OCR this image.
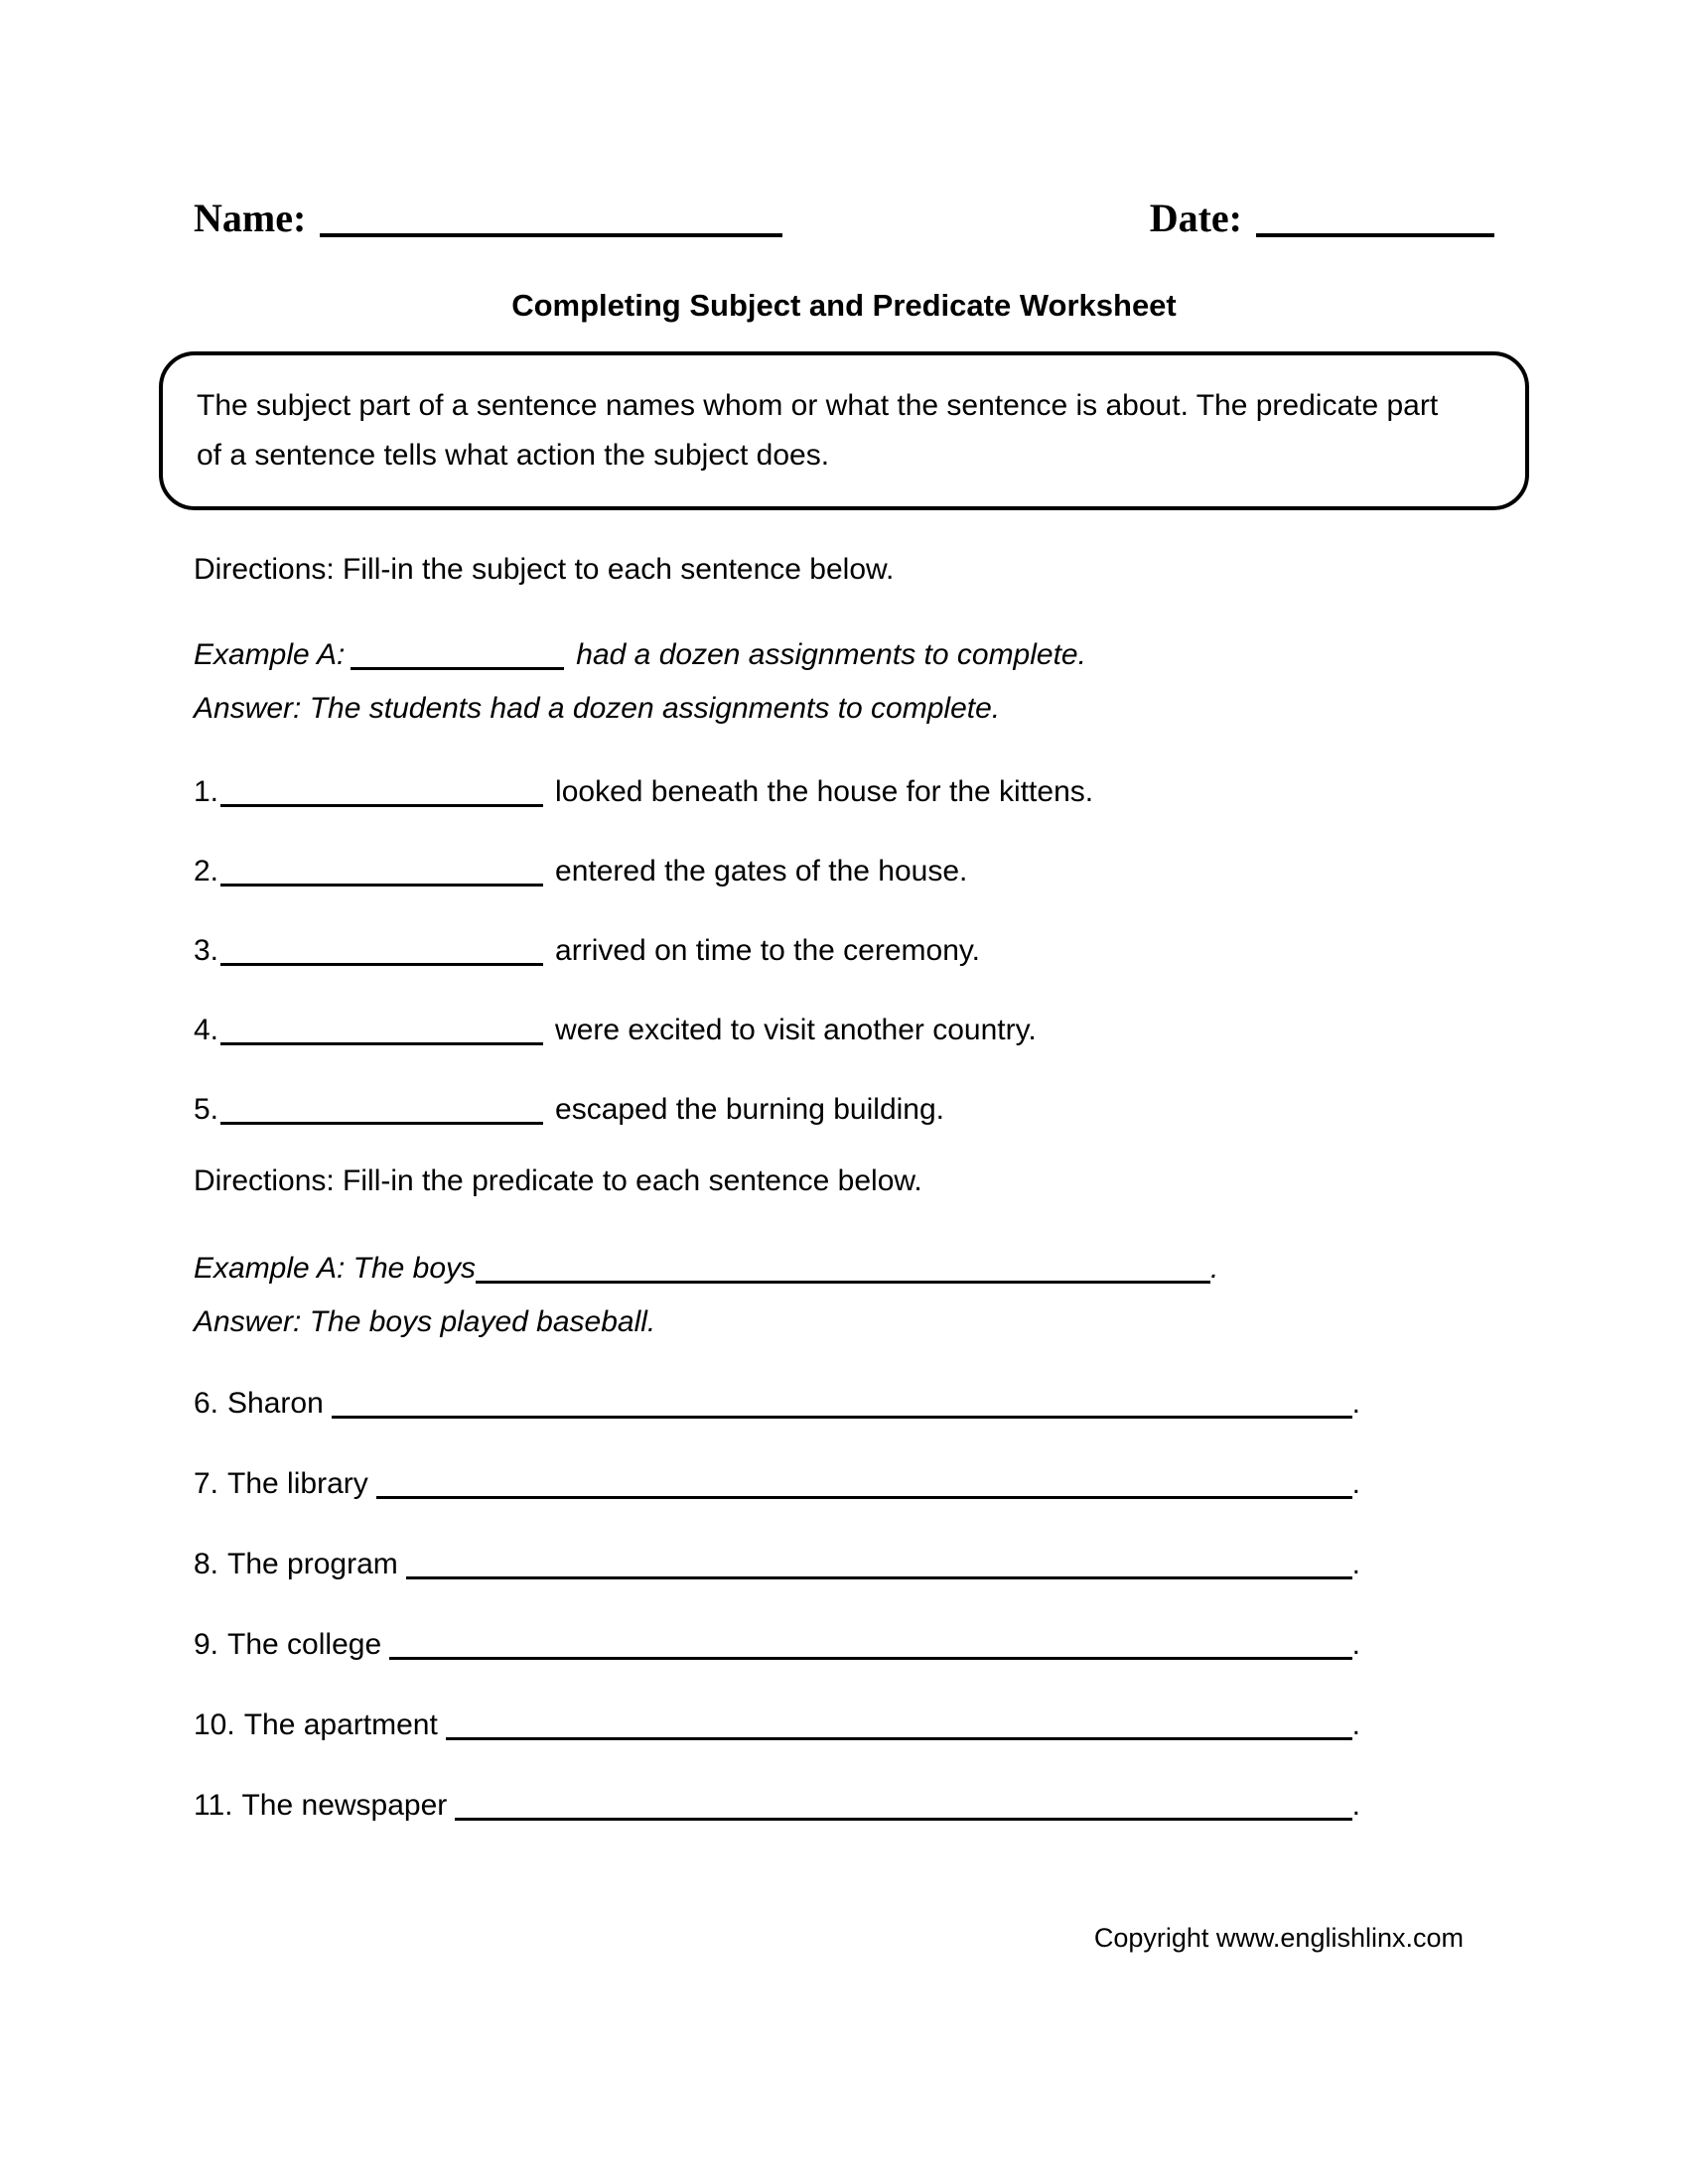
Name:	Date:
Completing Subject and Predicate Worksheet
The subject part of a sentence names whom or what the sentence is about. The predicate part of a sentence tells what action the subject does.
Directions: Fill-in the subject to each sentence below.
Example A:	had a dozen assignments to complete.
Answer: The students had a dozen assignments to complete.
1.	looked beneath the house for the kittens.
2.	entered the gates of the house.
3.	arrived on time to the ceremony.
4.	were excited to visit another country.
5.	escaped the burning building.
Directions: Fill-in the predicate to each sentence below.
Example A: The boys	.
Answer: The boys played baseball.
6. Sharon	.
7. The library	.
8. The program	.
9. The college	.
10. The apartment	.
11. The newspaper	.
Copyright www.englishlinx.com
